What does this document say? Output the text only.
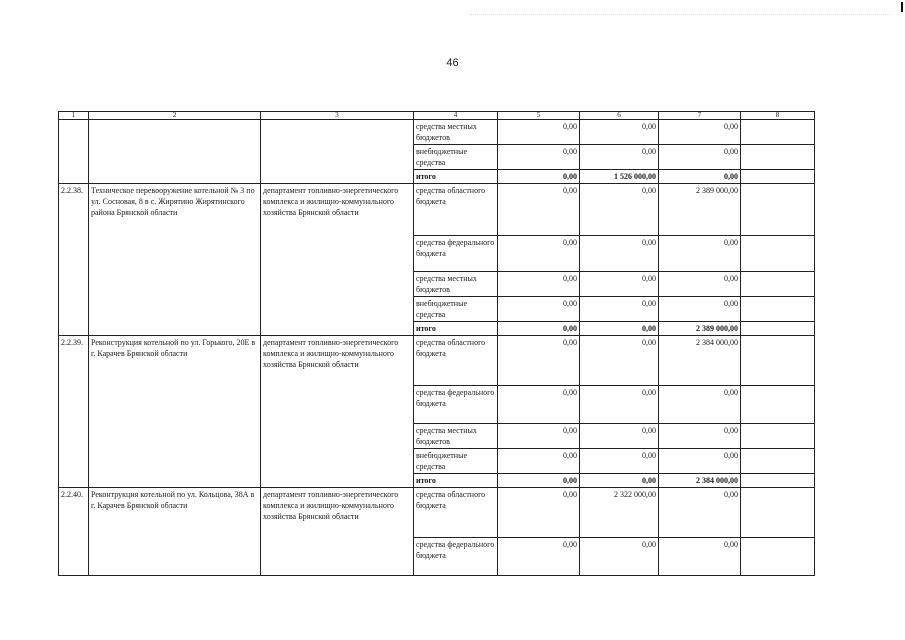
46
1	2	3	4	5	6	7	8
			средства местных бюджетов	0,00	0,00	0,00	
			внебюджетные средства	0,00	0,00	0,00	
			итого	0,00	1 526 000,00	0,00	
2.2.38.	Техническое перевооружение котельной № 3 по ул. Сосновая, 8 в с. Жирятино Жирятинского района Брянской области	департамент топливно-энергетического комплекса и жилищно-коммунального хозяйства Брянской области	средства областного бюджета	0,00	0,00	2 389 000,00	
			средства федерального бюджета	0,00	0,00	0,00	
			средства местных бюджетов	0,00	0,00	0,00	
			внебюджетные средства	0,00	0,00	0,00	
			итого	0,00	0,00	2 389 000,00	
2.2.39.	Реконструкция котельной по ул. Горького, 20Е в г. Карачев Брянской области	департамент топливно-энергетического комплекса и жилищно-коммунального хозяйства Брянской области	средства областного бюджета	0,00	0,00	2 384 000,00	
			средства федерального бюджета	0,00	0,00	0,00	
			средства местных бюджетов	0,00	0,00	0,00	
			внебюджетные средства	0,00	0,00	0,00	
			итого	0,00	0,00	2 384 000,00	
2.2.40.	Реконтрукция котельной по ул. Кольцова, 38А в г. Карачев Брянской области	департамент топливно-энергетического комплекса и жилищно-коммунального хозяйства Брянской области	средства областного бюджета	0,00	2 322 000,00	0,00	
			средства федерального бюджета	0,00	0,00	0,00	
